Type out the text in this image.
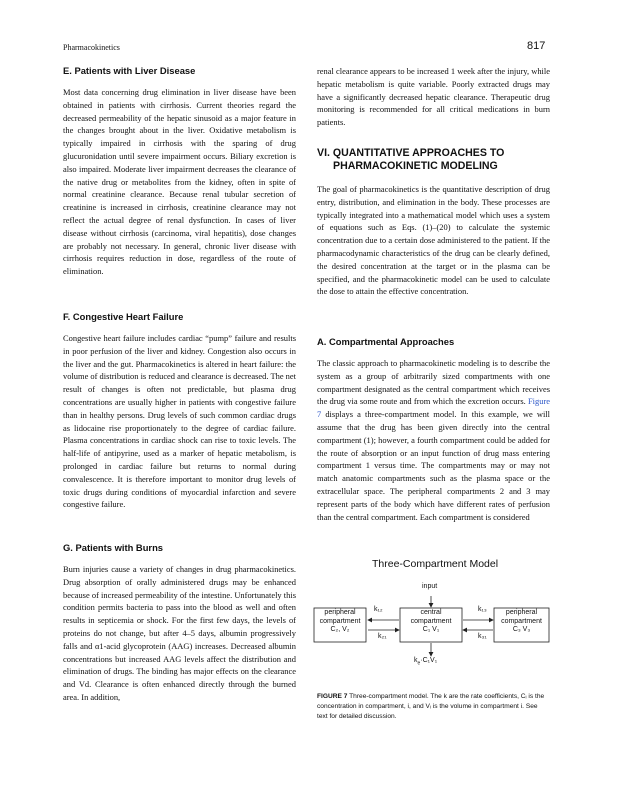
Pharmacokinetics	817
E. Patients with Liver Disease

Most data concerning drug elimination in liver disease have been obtained in patients with cirrhosis. Current theories regard the decreased permeability of the hepatic sinusoid as a major feature in the changes brought about in the liver. Oxidative metabolism is typically impaired in cirrhosis with the sparing of drug glucuronidation until severe impairment occurs. Biliary excretion is also impaired. Moderate liver impairment decreases the clearance of the native drug or metabolites from the kidney, often in spite of normal creatinine clearance. Because renal tubular secretion of creatinine is increased in cirrhosis, creatinine clearance may not reflect the actual degree of renal dysfunction. In cases of liver disease without cirrhosis (carcinoma, viral hepatitis), dose changes are probably not necessary. In general, chronic liver disease with cirrhosis requires reduction in dose, regardless of the route of elimination.

F. Congestive Heart Failure

Congestive heart failure includes cardiac “pump” failure and results in poor perfusion of the liver and kidney. Congestion also occurs in the liver and the gut. Pharmacokinetics is altered in heart failure: the volume of distribution is reduced and clearance is decreased. The net result of changes is often not predictable, but plasma drug concentrations are usually higher in patients with congestive failure than in healthy persons. Drug levels of such common cardiac drugs as lidocaine rise proportionately to the degree of cardiac failure. Plasma concentrations in cardiac shock can rise to toxic levels. The half-life of antipyrine, used as a marker of hepatic metabolism, is prolonged in cardiac failure but returns to normal during convalescence. It is therefore important to monitor drug levels of toxic drugs during conditions of myocardial infarction and severe congestive failure.

G. Patients with Burns

Burn injuries cause a variety of changes in drug pharmacokinetics. Drug absorption of orally administered drugs may be enhanced because of increased permeability of the intestine. Unfortunately this condition permits bacteria to pass into the blood as well and often results in septicemia or shock. For the first few days, the levels of proteins do not change, but after 4–5 days, albumin progressively falls and α1-acid glycoprotein (AAG) increases. Decreased albumin concentrations but increased AAG levels affect the distribution and elimination of drugs. The binding has major effects on the clearance and Vd. Clearance is often enhanced directly through the burned area. In addition,

renal clearance appears to be increased 1 week after the injury, while hepatic metabolism is quite variable. Poorly extracted drugs may have a significantly decreased hepatic clearance. Therapeutic drug monitoring is recommended for all critical medications in burn patients.

VI. QUANTITATIVE APPROACHES TO PHARMACOKINETIC MODELING

The goal of pharmacokinetics is the quantitative description of drug entry, distribution, and elimination in the body. These processes are typically integrated into a mathematical model which uses a system of equations such as Eqs. (1)–(20) to calculate the systemic concentration due to a certain dose administered to the patient. If the pharmacodynamic characteristics of the drug can be clearly defined, the desired concentration at the target or in the plasma can be specified, and the pharmacokinetic model can be used to calculate the dose to attain the effective concentration.

A. Compartmental Approaches

The classic approach to pharmacokinetic modeling is to describe the system as a group of arbitrarily sized compartments with one compartment designated as the central compartment which receives the drug via some route and from which the excretion occurs. Figure 7 displays a three-compartment model. In this example, we will assume that the drug has been given directly into the central compartment (1); however, a fourth compartment could be added for the route of absorption or an input function of drug mass entering compartment 1 versus time. The compartments may or may not match anatomic compartments such as the plasma space or the extracellular space. The peripheral compartments 2 and 3 may represent parts of the body which have different rates of perfusion than the central compartment. Each compartment is considered

Three-Compartment Model
input
peripheral
compartment
C₂, V₂
central
compartment
C₁ V₁
peripheral
compartment
C₃ V₃
k₁₂
k₂₁
k₁₃
k₃₁
$k_e\cdot C_1V_1$
FIGURE 7 Three-compartment model. The k are the rate coefficients, Cᵢ is the concentration in compartment, i, and Vᵢ is the volume in compartment i. See text for detailed discussion.
